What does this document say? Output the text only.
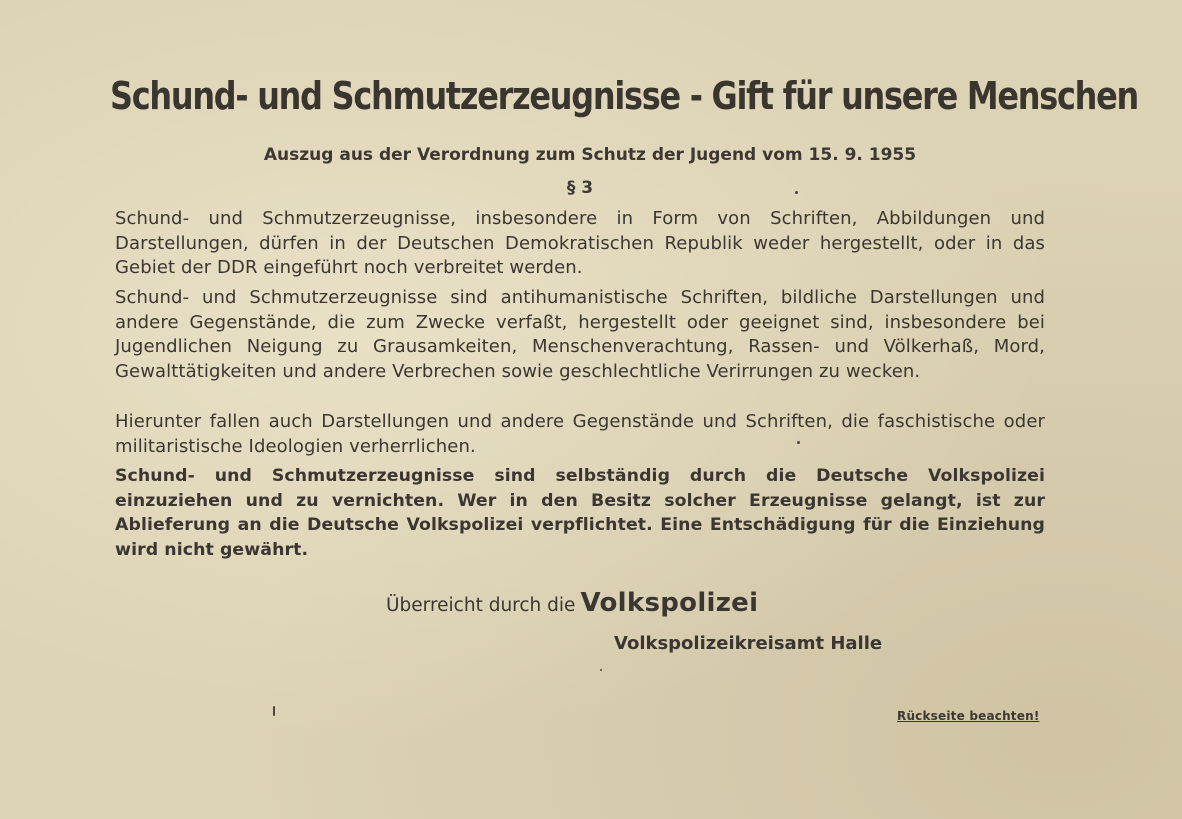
Schund- und Schmutzerzeugnisse - Gift für unsere Menschen
Auszug aus der Verordnung zum Schutz der Jugend vom 15. 9. 1955
§ 3

Schund- und Schmutzerzeugnisse, insbesondere in Form von Schriften, Abbildungen und Darstellungen, dürfen in der Deutschen Demokratischen Republik weder hergestellt, oder in das Gebiet der DDR eingeführt noch verbreitet werden.

Schund- und Schmutzerzeugnisse sind antihumanistische Schriften, bildliche Darstellungen und andere Gegenstände, die zum Zwecke verfaßt, hergestellt oder geeignet sind, insbesondere bei Jugendlichen Neigung zu Grausamkeiten, Menschenverachtung, Rassen- und Völkerhaß, Mord, Gewalttätigkeiten und andere Verbrechen sowie geschlechtliche Verirrungen zu wecken.

Hierunter fallen auch Darstellungen und andere Gegenstände und Schriften, die faschistische oder militaristische Ideologien verherrlichen.

Schund- und Schmutzerzeugnisse sind selbständig durch die Deutsche Volkspolizei einzuziehen und zu vernichten. Wer in den Besitz solcher Erzeugnisse gelangt, ist zur Ablieferung an die Deutsche Volkspolizei verpflichtet. Eine Entschädigung für die Einziehung wird nicht gewährt.

Überreicht durch die Volkspolizei
Volkspolizeikreisamt Halle
Rückseite beachten!
